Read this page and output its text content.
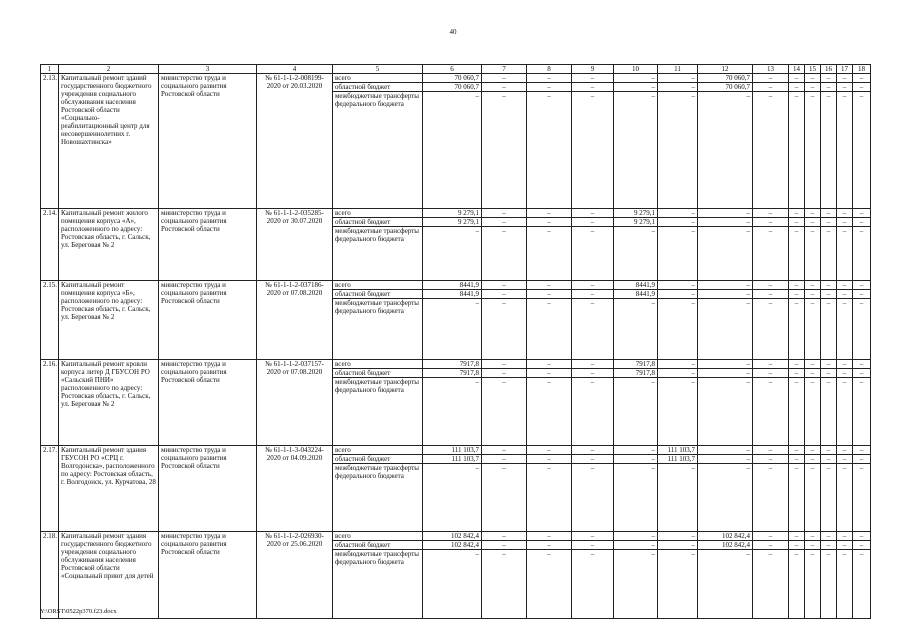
40
1	2	3	4	5	6	7	8	9	10	11	12	13	14	15	16	17	18
2.13.	Капитальный ремонт зданий государственного бюджетного учреждения социального обслуживания населения Ростовской области «Социально-реабилитационный центр для несовершеннолетних г. Новошахтинска»	министерство труда и социального развития Ростовской области	№ 61-1-1-2-008199-2020 от 20.03.2020	всего	70 060,7	–	–	–	–	–	70 060,7	–	–	–	–	–	–
				областной бюджет	70 060,7	–	–	–	–	–	70 060,7	–	–	–	–	–	–
				межбюджетные трансферты федерального бюджета	–	–	–	–	–	–	–	–	–	–	–	–	–
2.14.	Капитальный ремонт жилого помещения корпуса «А», расположенного по адресу: Ростовская область, г. Сальск, ул. Береговая № 2	министерство труда и социального развития Ростовской области	№ 61-1-1-2-035285-2020 от 30.07.2020	всего	9 279,1	–	–	–	9 279,1	–	–	–	–	–	–	–	–
				областной бюджет	9 279,1	–	–	–	9 279,1	–	–	–	–	–	–	–	–
				межбюджетные трансферты федерального бюджета	–	–	–	–	–	–	–	–	–	–	–	–	–
2.15.	Капитальный ремонт помещения корпуса «Б», расположенного по адресу: Ростовская область, г. Сальск, ул. Береговая № 2	министерство труда и социального развития Ростовской области	№ 61-1-1-2-037186-2020 от 07.08.2020	всего	8441,9	–	–	–	8441,9	–	–	–	–	–	–	–	–
				областной бюджет	8441,9	–	–	–	8441,9	–	–	–	–	–	–	–	–
				межбюджетные трансферты федерального бюджета	–	–	–	–	–	–	–	–	–	–	–	–	–
2.16.	Капитальный ремонт кровли корпуса литер Д ГБУСОН РО «Сальский ПНИ» расположенного по адресу: Ростовская область, г. Сальск, ул. Береговая № 2	министерство труда и социального развития Ростовской области	№ 61-1-1-2-037157-2020 от 07.08.2020	всего	7917,8	–	–	–	7917,8	–	–	–	–	–	–	–	–
				областной бюджет	7917,8	–	–	–	7917,8	–	–	–	–	–	–	–	–
				межбюджетные трансферты федерального бюджета	–	–	–	–	–	–	–	–	–	–	–	–	–
2.17.	Капитальный ремонт здания ГБУСОН РО «СРЦ г. Волгодонска», расположенного по адресу: Ростовская область, г. Волгодонск, ул. Курчатова, 28	министерство труда и социального развития Ростовской области	№ 61-1-1-3-043224-2020 от 04.09.2020	всего	111 103,7	–	–	–	–	111 103,7	–	–	–	–	–	–	–
				областной бюджет	111 103,7	–	–	–	–	111 103,7	–	–	–	–	–	–	–
				межбюджетные трансферты федерального бюджета	–	–	–	–	–	–	–	–	–	–	–	–	–
2.18.	Капитальный ремонт здания государственного бюджетного учреждения социального обслуживания населения Ростовской области «Социальный приют для детей	министерство труда и социального развития Ростовской области	№ 61-1-1-2-026930-2020 от 25.06.2020	всего	102 842,4	–	–	–	–	–	102 842,4	–	–	–	–	–	–
				областной бюджет	102 842,4	–	–	–	–	–	102 842,4	–	–	–	–	–	–
				межбюджетные трансферты федерального бюджета	–	–	–	–	–	–	–	–	–	–	–	–	–
Y:\ORST\0522p370.f23.docx
